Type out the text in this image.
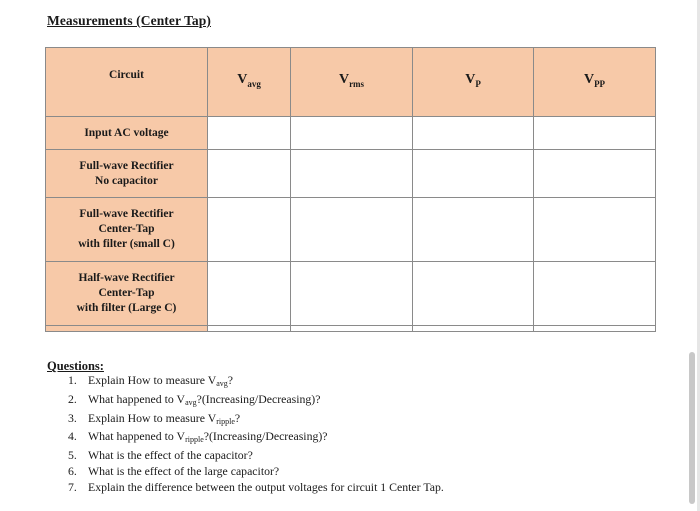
Measurements (Center Tap)
Circuit	$V_{avg}$	$V_{rms}$	$V_P$	$V_{PP}$

Input AC voltage				

Full-wave Rectifier
No capacitor				

Full-wave Rectifier
Center-Tap
with filter (small C)				

Half-wave Rectifier
Center-Tap
with filter (Large C)				

Questions:
1. Explain How to measure $V_{avg}$?
2. What happened to $V_{avg}?(Increasing/Decreasing)$?
3. Explain How to measure $V_{ripple}$?
4. What happened to $V_{ripple}?(Increasing/Decreasing)$?
5. What is the effect of the capacitor?
6. What is the effect of the large capacitor?
7. Explain the difference between the output voltages for circuit 1 Center Tap.
